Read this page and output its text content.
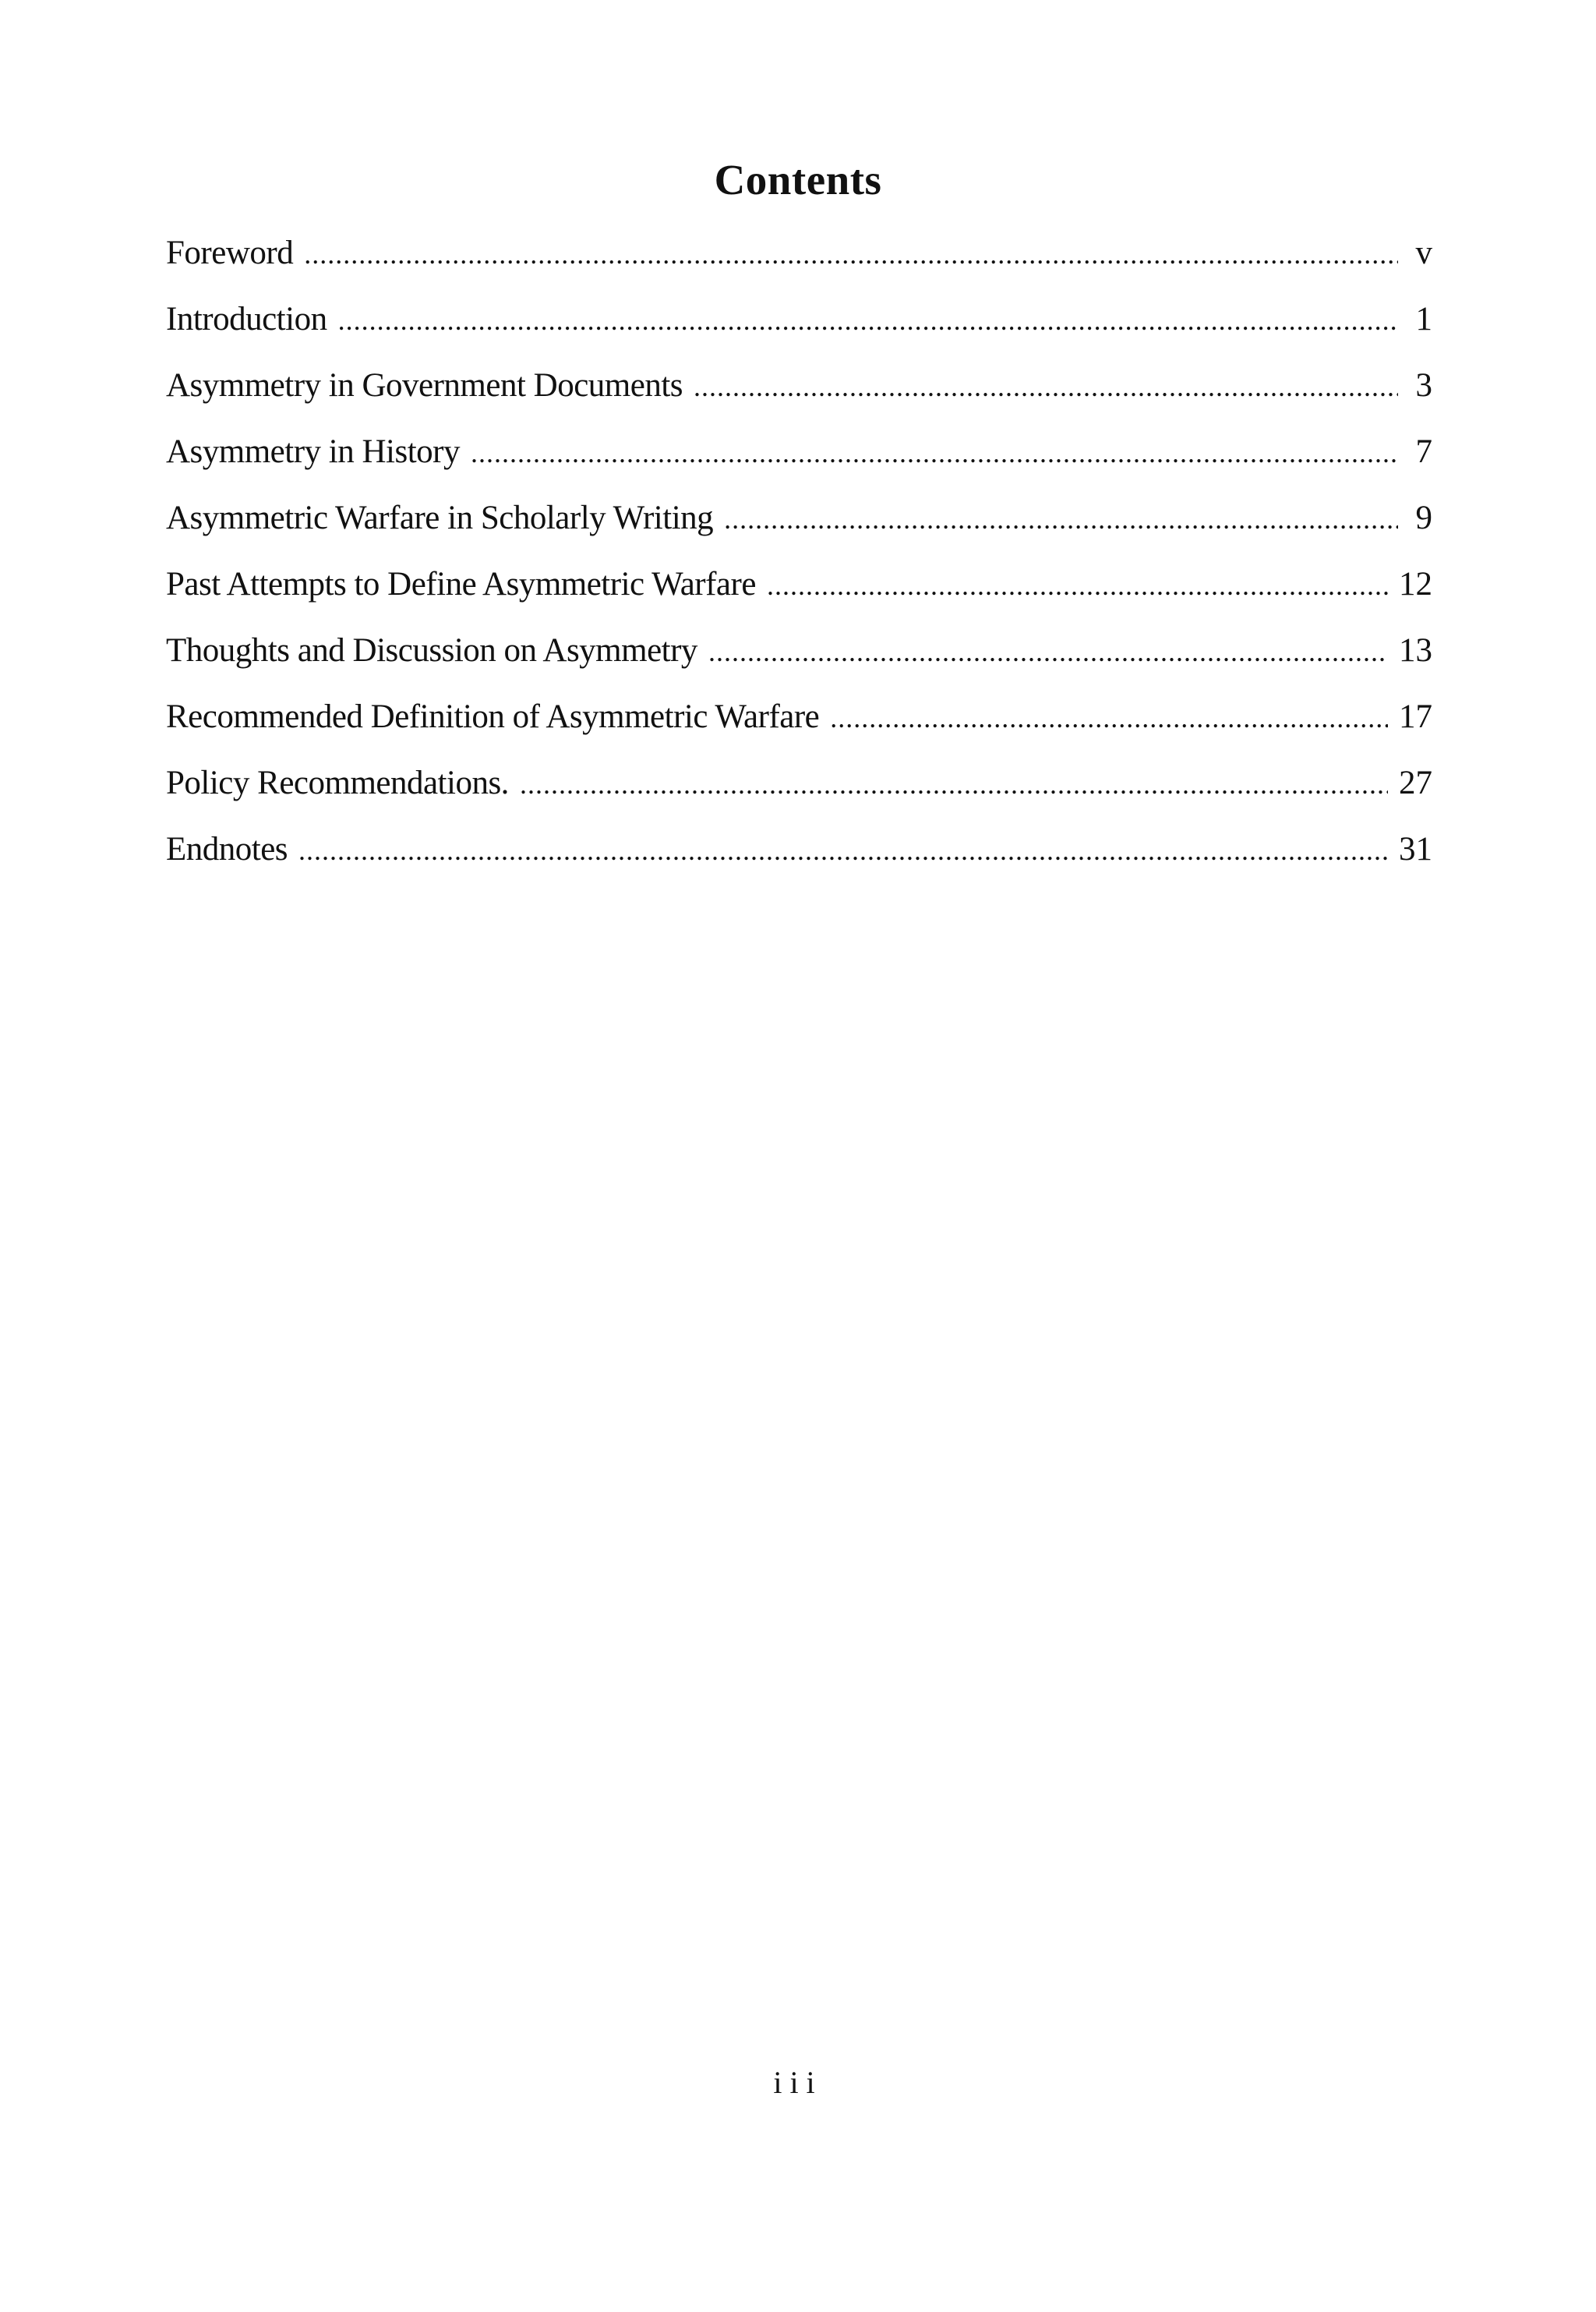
Contents
Foreword .....	v
Introduction .....	1
Asymmetry in Government Documents .....	3
Asymmetry in History .....	7
Asymmetric Warfare in Scholarly Writing .....	9
Past Attempts to Define Asymmetric Warfare .....	12
Thoughts and Discussion on Asymmetry .....	13
Recommended Definition of Asymmetric Warfare .....	17
Policy Recommendations. .....	27
Endnotes .....	31
iii
